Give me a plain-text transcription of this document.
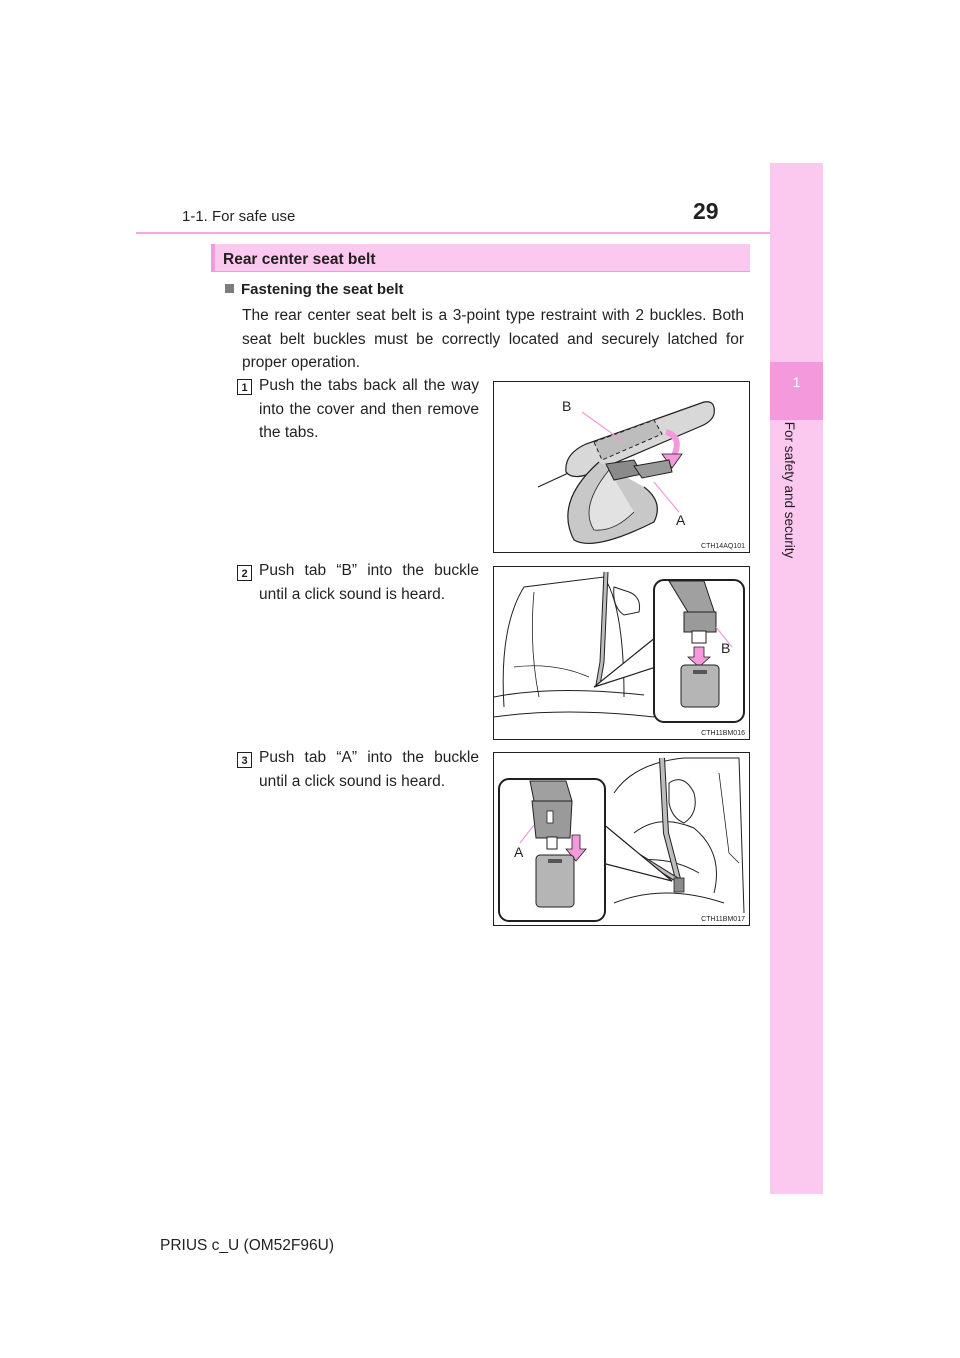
1-1. For safe use	29
1
For safety and security
Rear center seat belt
Fastening the seat belt
The rear center seat belt is a 3-point type restraint with 2 buckles. Both seat belt buckles must be correctly located and securely latched for proper operation.
1 Push the tabs back all the way into the cover and then remove the tabs.
B
A
CTH14AQ101
2 Push tab “B” into the buckle until a click sound is heard.
B
CTH11BM016
3 Push tab “A” into the buckle until a click sound is heard.
A
CTH11BM017
PRIUS c_U (OM52F96U)
